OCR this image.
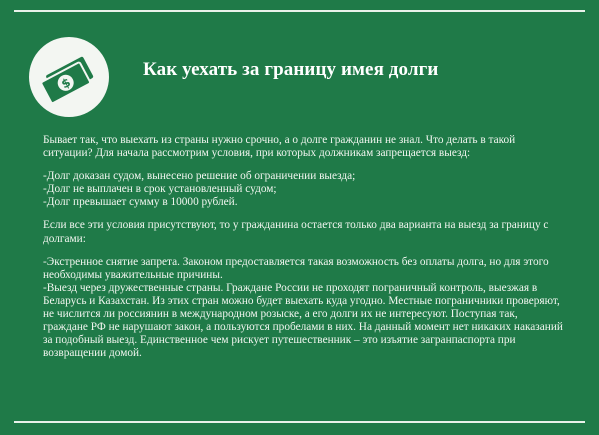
$
Как уехать за границу имея долги

Бывает так, что выехать из страны нужно срочно, а о долге гражданин не знал. Что делать в такой ситуации? Для начала рассмотрим условия, при которых должникам запрещается выезд:

-Долг доказан судом, вынесено решение об ограничении выезда;
-Долг не выплачен в срок установленный судом;
-Долг превышает сумму в 10000 рублей.

Если все эти условия присутствуют, то у гражданина остается только два варианта на выезд за границу с долгами:

-Экстренное снятие запрета. Законом предоставляется такая возможность без оплаты долга, но для этого необходимы уважительные причины.
-Выезд через дружественные страны. Граждане России не проходят пограничный контроль, выезжая в Беларусь и Казахстан. Из этих стран можно будет выехать куда угодно. Местные пограничники проверяют, не числится ли россиянин в международном розыске, а его долги их не интересуют. Поступая так, граждане РФ не нарушают закон, а пользуются пробелами в них. На данный момент нет никаких наказаний за подобный выезд. Единственное чем рискует путешественник – это изъятие загранпаспорта при возвращении домой.
